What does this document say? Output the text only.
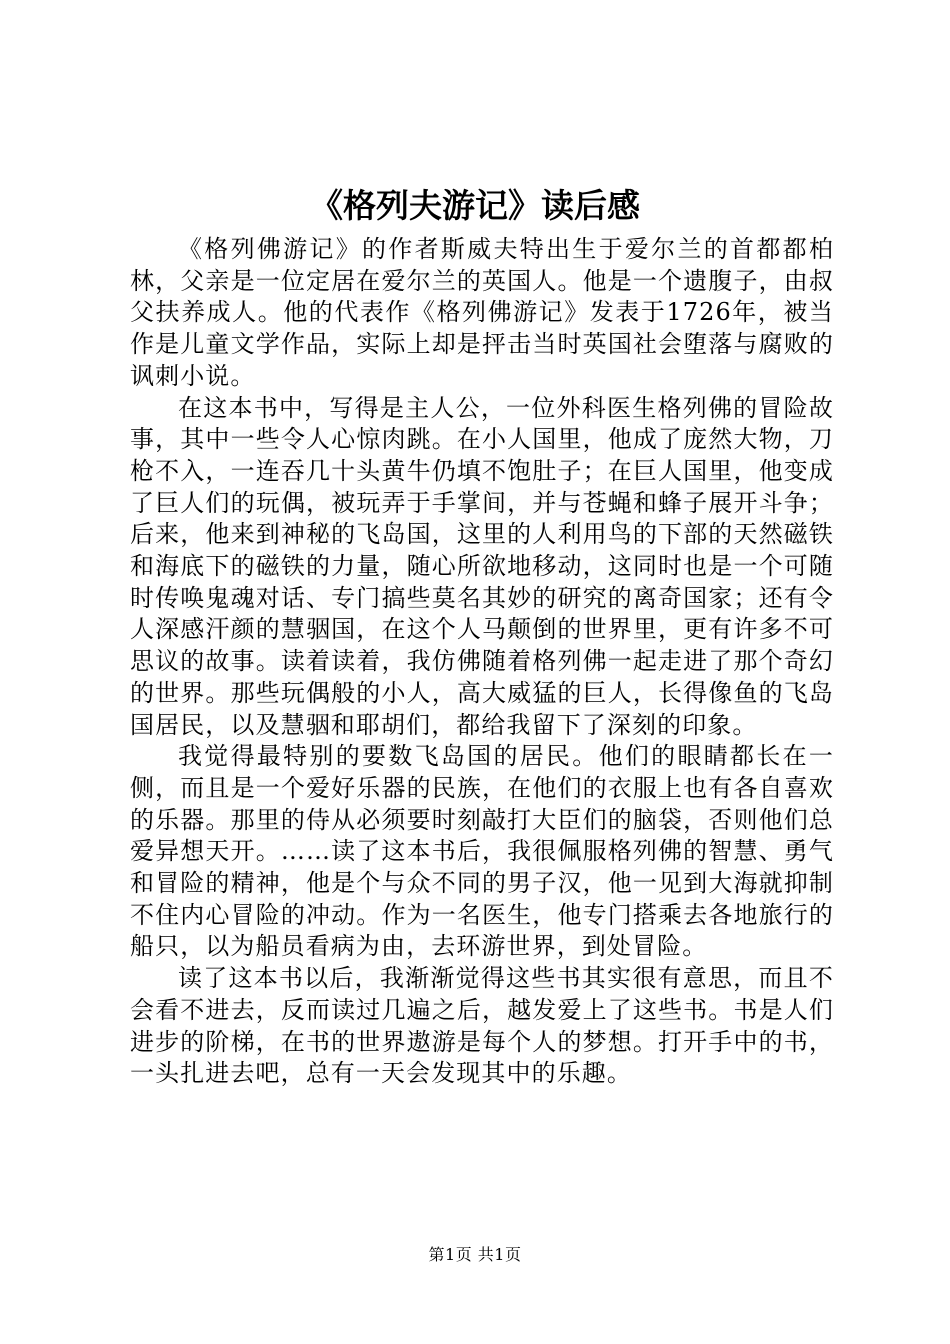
《格列夫游记》读后感

《格列佛游记》的作者斯威夫特出生于爱尔兰的首都都柏林，父亲是一位定居在爱尔兰的英国人。他是一个遗腹子，由叔父扶养成人。他的代表作《格列佛游记》发表于1726年，被当作是儿童文学作品，实际上却是抨击当时英国社会堕落与腐败的讽刺小说。

在这本书中，写得是主人公，一位外科医生格列佛的冒险故事，其中一些令人心惊肉跳。在小人国里，他成了庞然大物，刀枪不入，一连吞几十头黄牛仍填不饱肚子；在巨人国里，他变成了巨人们的玩偶，被玩弄于手掌间，并与苍蝇和蜂子展开斗争；后来，他来到神秘的飞岛国，这里的人利用鸟的下部的天然磁铁和海底下的磁铁的力量，随心所欲地移动，这同时也是一个可随时传唤鬼魂对话、专门搞些莫名其妙的研究的离奇国家；还有令人深感汗颜的慧骃国，在这个人马颠倒的世界里，更有许多不可思议的故事。读着读着，我仿佛随着格列佛一起走进了那个奇幻的世界。那些玩偶般的小人，高大威猛的巨人，长得像鱼的飞岛国居民，以及慧骃和耶胡们，都给我留下了深刻的印象。

我觉得最特别的要数飞岛国的居民。他们的眼睛都长在一侧，而且是一个爱好乐器的民族，在他们的衣服上也有各自喜欢的乐器。那里的侍从必须要时刻敲打大臣们的脑袋，否则他们总爱异想天开。……读了这本书后，我很佩服格列佛的智慧、勇气和冒险的精神，他是个与众不同的男子汉，他一见到大海就抑制不住内心冒险的冲动。作为一名医生，他专门搭乘去各地旅行的船只，以为船员看病为由，去环游世界，到处冒险。

读了这本书以后，我渐渐觉得这些书其实很有意思，而且不会看不进去，反而读过几遍之后，越发爱上了这些书。书是人们进步的阶梯，在书的世界遨游是每个人的梦想。打开手中的书，一头扎进去吧，总有一天会发现其中的乐趣。

第1页 共1页
